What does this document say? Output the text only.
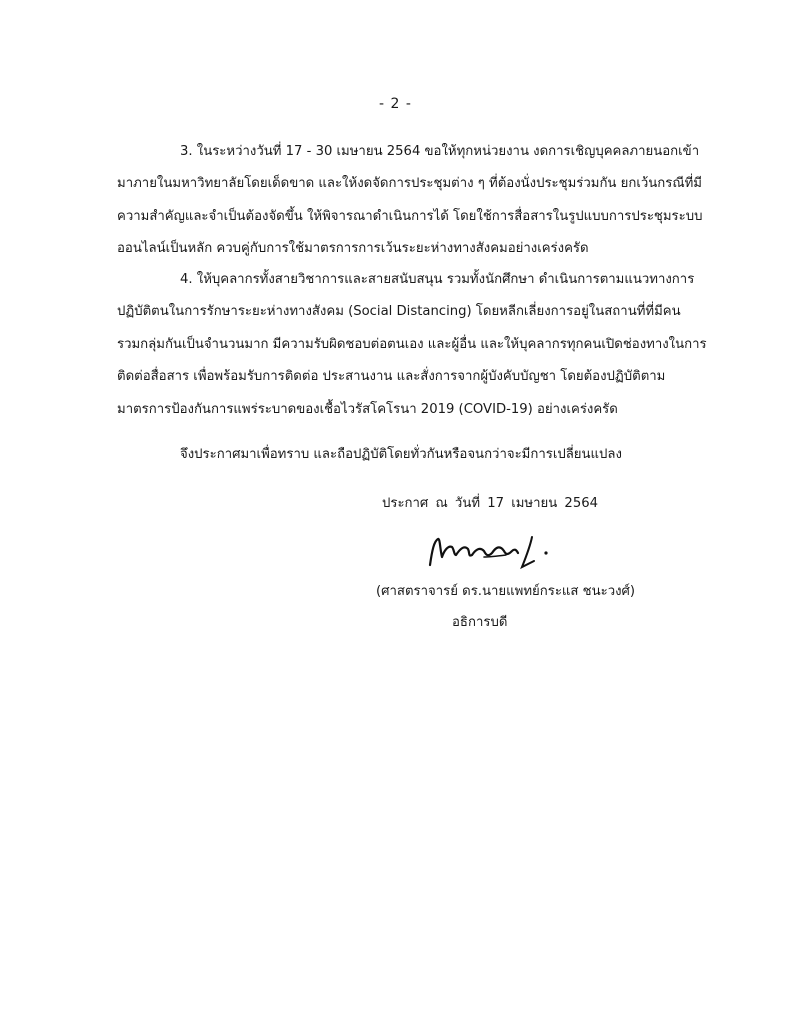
- 2 -
3. ในระหว่างวันที่ 17 - 30 เมษายน 2564 ขอให้ทุกหน่วยงาน งดการเชิญบุคคลภายนอกเข้า
มาภายในมหาวิทยาลัยโดยเด็ดขาด และให้งดจัดการประชุมต่าง ๆ ที่ต้องนั่งประชุมร่วมกัน ยกเว้นกรณีที่มี
ความสำคัญและจำเป็นต้องจัดขึ้น ให้พิจารณาดำเนินการได้ โดยใช้การสื่อสารในรูปแบบการประชุมระบบ
ออนไลน์เป็นหลัก ควบคู่กับการใช้มาตรการการเว้นระยะห่างทางสังคมอย่างเคร่งครัด
4. ให้บุคลากรทั้งสายวิชาการและสายสนับสนุน รวมทั้งนักศึกษา ดำเนินการตามแนวทางการ
ปฏิบัติตนในการรักษาระยะห่างทางสังคม (Social Distancing) โดยหลีกเลี่ยงการอยู่ในสถานที่ที่มีคน
รวมกลุ่มกันเป็นจำนวนมาก มีความรับผิดชอบต่อตนเอง และผู้อื่น และให้บุคลากรทุกคนเปิดช่องทางในการ
ติดต่อสื่อสาร เพื่อพร้อมรับการติดต่อ ประสานงาน และสั่งการจากผู้บังคับบัญชา โดยต้องปฏิบัติตาม
มาตรการป้องกันการแพร่ระบาดของเชื้อไวรัสโคโรนา 2019 (COVID-19) อย่างเคร่งครัด
จึงประกาศมาเพื่อทราบ และถือปฏิบัติโดยทั่วกันหรือจนกว่าจะมีการเปลี่ยนแปลง
ประกาศ ณ วันที่ 17 เมษายน 2564
(ศาสตราจารย์ ดร.นายแพทย์กระแส ชนะวงศ์)
อธิการบดี
